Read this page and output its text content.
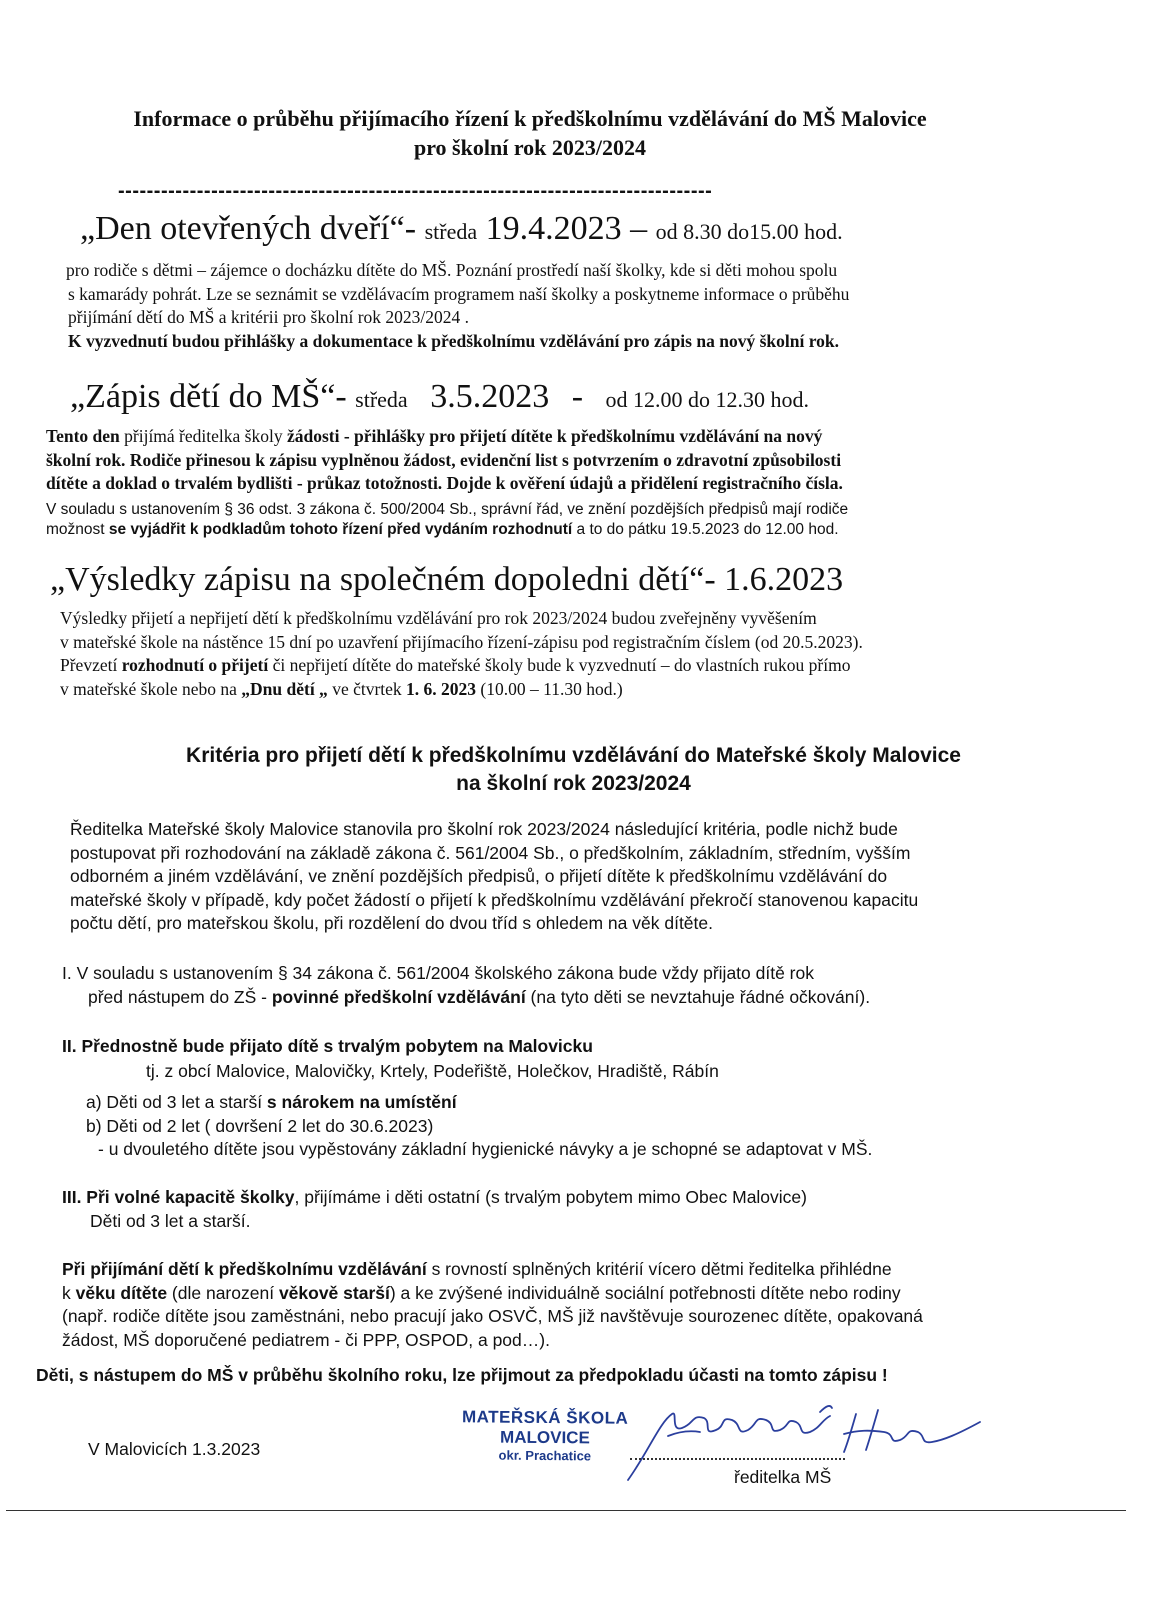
Informace o průběhu přijímacího řízení k předškolnímu vzdělávání do MŠ Malovice
pro školní rok 2023/2024
-----------------------------------------------------------------------------------
„Den otevřených dveří“- středa 19.4.2023 – od 8.30 do15.00 hod.

pro rodiče s dětmi – zájemce o docházku dítěte do MŠ. Poznání prostředí naší školky, kde si děti mohou spolu

s kamarády pohrát. Lze se seznámit se vzdělávacím programem naší školky a poskytneme informace o průběhu

přijímání dětí do MŠ a kritérii pro školní rok 2023/2024 .

K vyzvednutí budou přihlášky a dokumentace k předškolnímu vzdělávání pro zápis na nový školní rok.

„Zápis dětí do MŠ“- středa 3.5.2023 - od 12.00 do 12.30 hod.

Tento den přijímá ředitelka školy žádosti - přihlášky pro přijetí dítěte k předškolnímu vzdělávání na nový

školní rok. Rodiče přinesou k zápisu vyplněnou žádost, evidenční list s potvrzením o zdravotní způsobilosti

dítěte a doklad o trvalém bydlišti - průkaz totožnosti. Dojde k ověření údajů a přidělení registračního čísla.

V souladu s ustanovením § 36 odst. 3 zákona č. 500/2004 Sb., správní řád, ve znění pozdějších předpisů mají rodiče
možnost se vyjádřit k podkladům tohoto řízení před vydáním rozhodnutí a to do pátku 19.5.2023 do 12.00 hod.
„Výsledky zápisu na společném dopoledni dětí“- 1.6.2023

Výsledky přijetí a nepřijetí dětí k předškolnímu vzdělávání pro rok 2023/2024 budou zveřejněny vyvěšením

v mateřské škole na nástěnce 15 dní po uzavření přijímacího řízení-zápisu pod registračním číslem (od 20.5.2023).

Převzetí rozhodnutí o přijetí či nepřijetí dítěte do mateřské školy bude k vyzvednutí – do vlastních rukou přímo

v mateřské škole nebo na „Dnu dětí „ ve čtvrtek 1. 6. 2023 (10.00 – 11.30 hod.)

Kritéria pro přijetí dětí k předškolnímu vzdělávání do Mateřské školy Malovice
na školní rok 2023/2024
Ředitelka Mateřské školy Malovice stanovila pro školní rok 2023/2024 následující kritéria, podle nichž bude
postupovat při rozhodování na základě zákona č. 561/2004 Sb., o předškolním, základním, středním, vyšším
odborném a jiném vzdělávání, ve znění pozdějších předpisů, o přijetí dítěte k předškolnímu vzdělávání do
mateřské školy v případě, kdy počet žádostí o přijetí k předškolnímu vzdělávání překročí stanovenou kapacitu
počtu dětí, pro mateřskou školu, při rozdělení do dvou tříd s ohledem na věk dítěte.
I. V souladu s ustanovením § 34 zákona č. 561/2004 školského zákona bude vždy přijato dítě rok
před nástupem do ZŠ - povinné předškolní vzdělávání (na tyto děti se nevztahuje řádné očkování).
II. Přednostně bude přijato dítě s trvalým pobytem na Malovicku
tj. z obcí Malovice, Malovičky, Krtely, Podeřiště, Holečkov, Hradiště, Rábín
a) Děti od 3 let a starší s nárokem na umístění
b) Děti od 2 let ( dovršení 2 let do 30.6.2023)
- u dvouletého dítěte jsou vypěstovány základní hygienické návyky a je schopné se adaptovat v MŠ.
III. Při volné kapacitě školky, přijímáme i děti ostatní (s trvalým pobytem mimo Obec Malovice)
Děti od 3 let a starší.
Při přijímání dětí k předškolnímu vzdělávání s rovností splněných kritérií vícero dětmi ředitelka přihlédne
k věku dítěte (dle narození věkově starší) a ke zvýšené individuálně sociální potřebnosti dítěte nebo rodiny
(např. rodiče dítěte jsou zaměstnáni, nebo pracují jako OSVČ, MŠ již navštěvuje sourozenec dítěte, opakovaná
žádost, MŠ doporučené pediatrem - či PPP, OSPOD, a pod…).
Děti, s nástupem do MŠ v průběhu školního roku, lze přijmout za předpokladu účasti na tomto zápisu !
V Malovicích 1.3.2023
MATEŘSKÁ ŠKOLA
MALOVICE
okr. Prachatice
ředitelka MŠ
